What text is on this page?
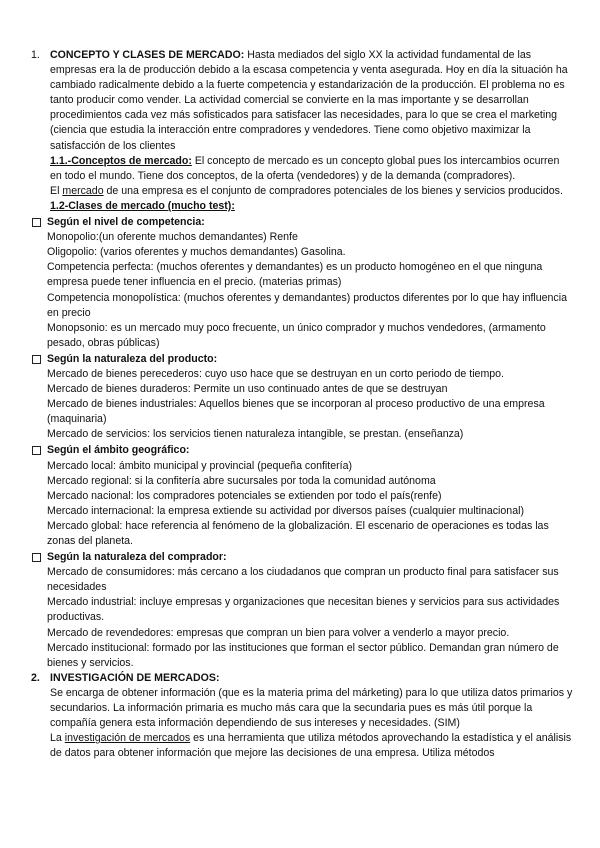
1. CONCEPTO Y CLASES DE MERCADO: Hasta mediados del siglo XX la actividad fundamental de las empresas era la de producción debido a la escasa competencia y venta asegurada. Hoy en día la situación ha cambiado radicalmente debido a la fuerte competencia y estandarización de la producción. El problema no es tanto producir como vender. La actividad comercial se convierte en la mas importante y se desarrollan procedimientos cada vez más sofisticados para satisfacer las necesidades, para lo que se crea el marketing (ciencia que estudia la interacción entre compradores y vendedores. Tiene como objetivo maximizar la satisfacción de los clientes

1.1.-Conceptos de mercado: El concepto de mercado es un concepto global pues los intercambios ocurren en todo el mundo. Tiene dos conceptos, de la oferta (vendedores) y de la demanda (compradores).

El mercado de una empresa es el conjunto de compradores potenciales de los bienes y servicios producidos.

1.2-Clases de mercado (mucho test):

Según el nivel de competencia:

Monopolio:(un oferente muchos demandantes) Renfe

Oligopolio: (varios oferentes y muchos demandantes) Gasolina.

Competencia perfecta: (muchos oferentes y demandantes) es un producto homogéneo en el que ninguna empresa puede tener influencia en el precio. (materias primas)

Competencia monopolística: (muchos oferentes y demandantes) productos diferentes por lo que hay influencia en precio

Monopsonio: es un mercado muy poco frecuente, un único comprador y muchos vendedores, (armamento pesado, obras públicas)

Según la naturaleza del producto:

Mercado de bienes perecederos: cuyo uso hace que se destruyan en un corto periodo de tiempo.

Mercado de bienes duraderos: Permite un uso continuado antes de que se destruyan

Mercado de bienes industriales: Aquellos bienes que se incorporan al proceso productivo de una empresa (maquinaria)

Mercado de servicios: los servicios tienen naturaleza intangible, se prestan. (enseñanza)

Según el ámbito geográfico:

Mercado local: ámbito municipal y provincial (pequeña confitería)

Mercado regional: si la confitería abre sucursales por toda la comunidad autónoma

Mercado nacional: los compradores potenciales se extienden por todo el país(renfe)

Mercado internacional: la empresa extiende su actividad por diversos países (cualquier multinacional)

Mercado global: hace referencia al fenómeno de la globalización. El escenario de operaciones es todas las zonas del planeta.

Según la naturaleza del comprador:

Mercado de consumidores: más cercano a los ciudadanos que compran un producto final para satisfacer sus necesidades

Mercado industrial: incluye empresas y organizaciones que necesitan bienes y servicios para sus actividades productivas.

Mercado de revendedores: empresas que compran un bien para volver a venderlo a mayor precio.

Mercado institucional: formado por las instituciones que forman el sector público. Demandan gran número de bienes y servicios.

2. INVESTIGACIÓN DE MERCADOS:

Se encarga de obtener información (que es la materia prima del márketing) para lo que utiliza datos primarios y secundarios. La información primaria es mucho más cara que la secundaria pues es más útil porque la compañía genera esta información dependiendo de sus intereses y necesidades. (SIM)

La investigación de mercados es una herramienta que utiliza métodos aprovechando la estadística y el análisis de datos para obtener información que mejore las decisiones de una empresa. Utiliza métodos
